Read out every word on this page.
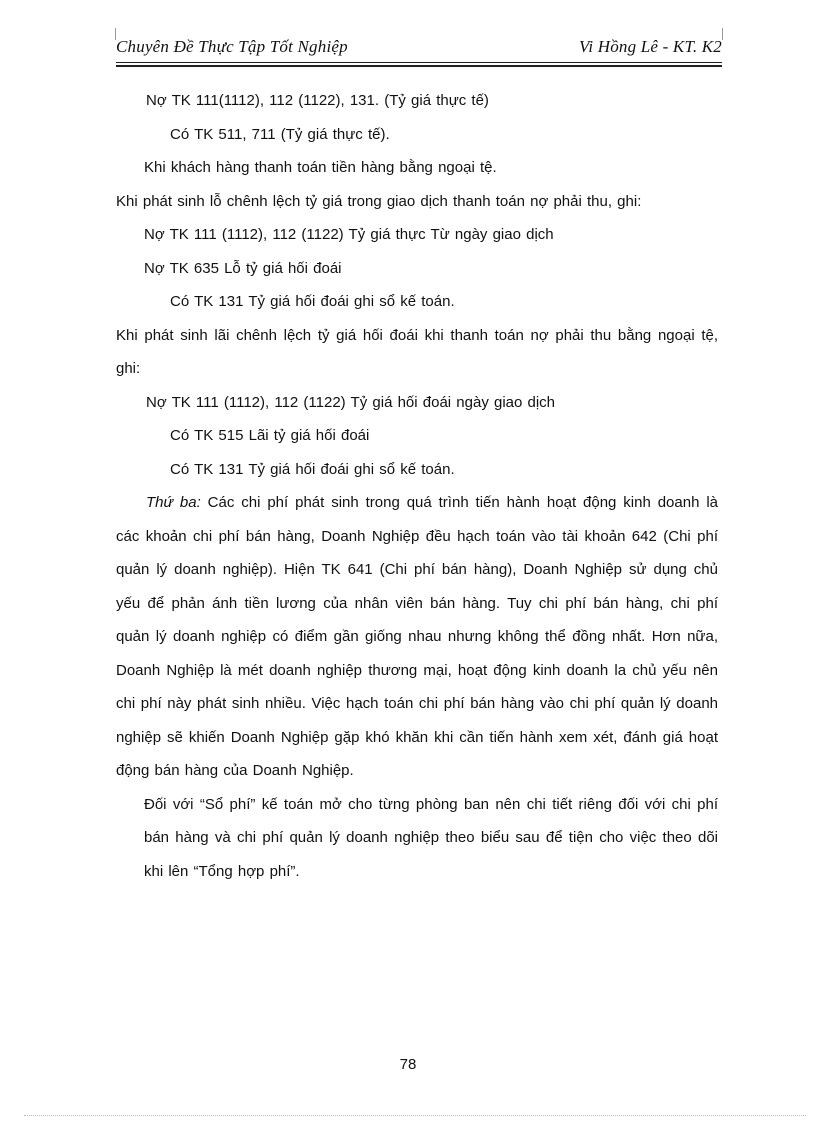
Chuyên Đề Thực Tập Tốt Nghiệp	Vi Hồng Lê - KT. K2

Nợ TK 111(1112), 112 (1122), 131. (Tỷ giá thực tế)

Có TK 511, 711 (Tỷ giá thực tế).

Khi khách hàng thanh toán tiền hàng bằng ngoại tệ.

Khi phát sinh lỗ chênh lệch tỷ giá trong giao dịch thanh toán nợ phải thu, ghi:

Nợ TK 111 (1112), 112 (1122) Tỷ giá thực Từ ngày giao dịch

Nợ TK 635 Lỗ tỷ giá hối đoái

Có TK 131 Tỷ giá hối đoái ghi sổ kế toán.

Khi phát sinh lãi chênh lệch tỷ giá hối đoái khi thanh toán nợ phải thu bằng ngoại tệ, ghi:

Nợ TK 111 (1112), 112 (1122) Tỷ giá hối đoái ngày giao dịch

Có TK 515 Lãi tỷ giá hối đoái

Có TK 131 Tỷ giá hối đoái ghi sổ kế toán.

Thứ ba: Các chi phí phát sinh trong quá trình tiến hành hoạt động kinh doanh là các khoản chi phí bán hàng, Doanh Nghiệp đều hạch toán vào tài khoản 642 (Chi phí quản lý doanh nghiệp). Hiện TK 641 (Chi phí bán hàng), Doanh Nghiệp sử dụng chủ yếu để phản ánh tiền lương của nhân viên bán hàng. Tuy chi phí bán hàng, chi phí quản lý doanh nghiệp có điểm gần giống nhau nhưng không thể đồng nhất. Hơn nữa, Doanh Nghiệp là mét doanh nghiệp thương mại, hoạt động kinh doanh la chủ yếu nên chi phí này phát sinh nhiều. Việc hạch toán chi phí bán hàng vào chi phí quản lý doanh nghiệp sẽ khiến Doanh Nghiệp gặp khó khăn khi cần tiến hành xem xét, đánh giá hoạt động bán hàng của Doanh Nghiệp.

Đối với “Sổ phí” kế toán mở cho từng phòng ban nên chi tiết riêng đối với chi phí bán hàng và chi phí quản lý doanh nghiệp theo biểu sau để tiện cho việc theo dõi khi lên “Tổng hợp phí”.

78
